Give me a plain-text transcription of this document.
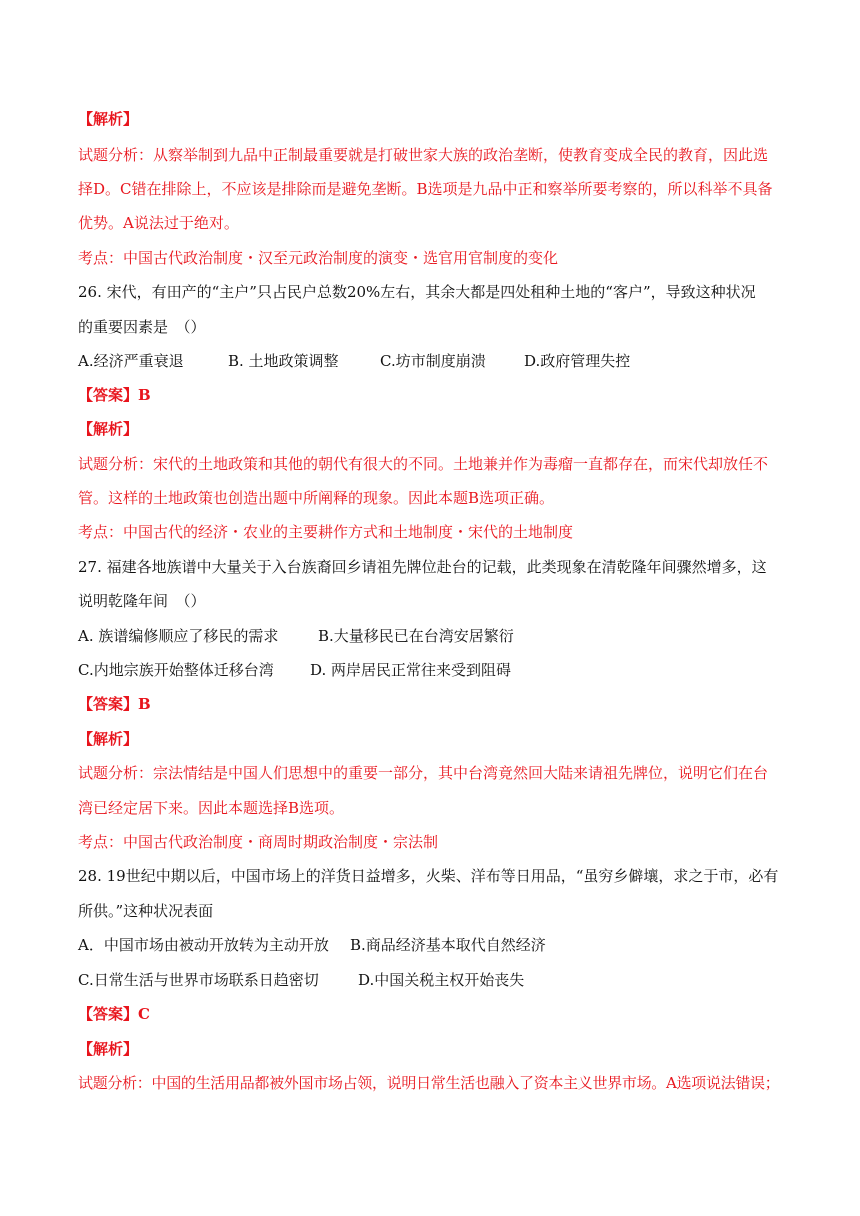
【解析】
试题分析：从察举制到九品中正制最重要就是打破世家大族的政治垄断，使教育变成全民的教育，因此选
择D。C错在排除上，不应该是排除而是避免垄断。B选项是九品中正和察举所要考察的，所以科举不具备
优势。A说法过于绝对。
考点：中国古代政治制度・汉至元政治制度的演变・选官用官制度的变化
26. 宋代，有田产的“主户”只占民户总数20%左右，其余大都是四处租种土地的“客户”，导致这种状况
的重要因素是　（）
A.经济严重衰退	B. 土地政策调整	C.坊市制度崩溃	D.政府管理失控
【答案】B
【解析】
试题分析：宋代的土地政策和其他的朝代有很大的不同。土地兼并作为毒瘤一直都存在，而宋代却放任不
管。这样的土地政策也创造出题中所阐释的现象。因此本题B选项正确。
考点：中国古代的经济・农业的主要耕作方式和土地制度・宋代的土地制度
27. 福建各地族谱中大量关于入台族裔回乡请祖先牌位赴台的记载，此类现象在清乾隆年间骤然增多，这
说明乾隆年间　（）
A. 族谱编修顺应了移民的需求	B.大量移民已在台湾安居繁衍
C.内地宗族开始整体迁移台湾 D. 两岸居民正常往来受到阻碍
【答案】B
【解析】
试题分析：宗法情结是中国人们思想中的重要一部分，其中台湾竟然回大陆来请祖先牌位，说明它们在台
湾已经定居下来。因此本题选择B选项。
考点：中国古代政治制度・商周时期政治制度・宗法制
28. 19世纪中期以后，中国市场上的洋货日益增多，火柴、洋布等日用品，“虽穷乡僻壤，求之于市，必有
所供。”这种状况表面
A．中国市场由被动开放转为主动开放 B.商品经济基本取代自然经济
C.日常生活与世界市场联系日趋密切	D.中国关税主权开始丧失
【答案】C
【解析】
试题分析：中国的生活用品都被外国市场占领，说明日常生活也融入了资本主义世界市场。A选项说法错误；
